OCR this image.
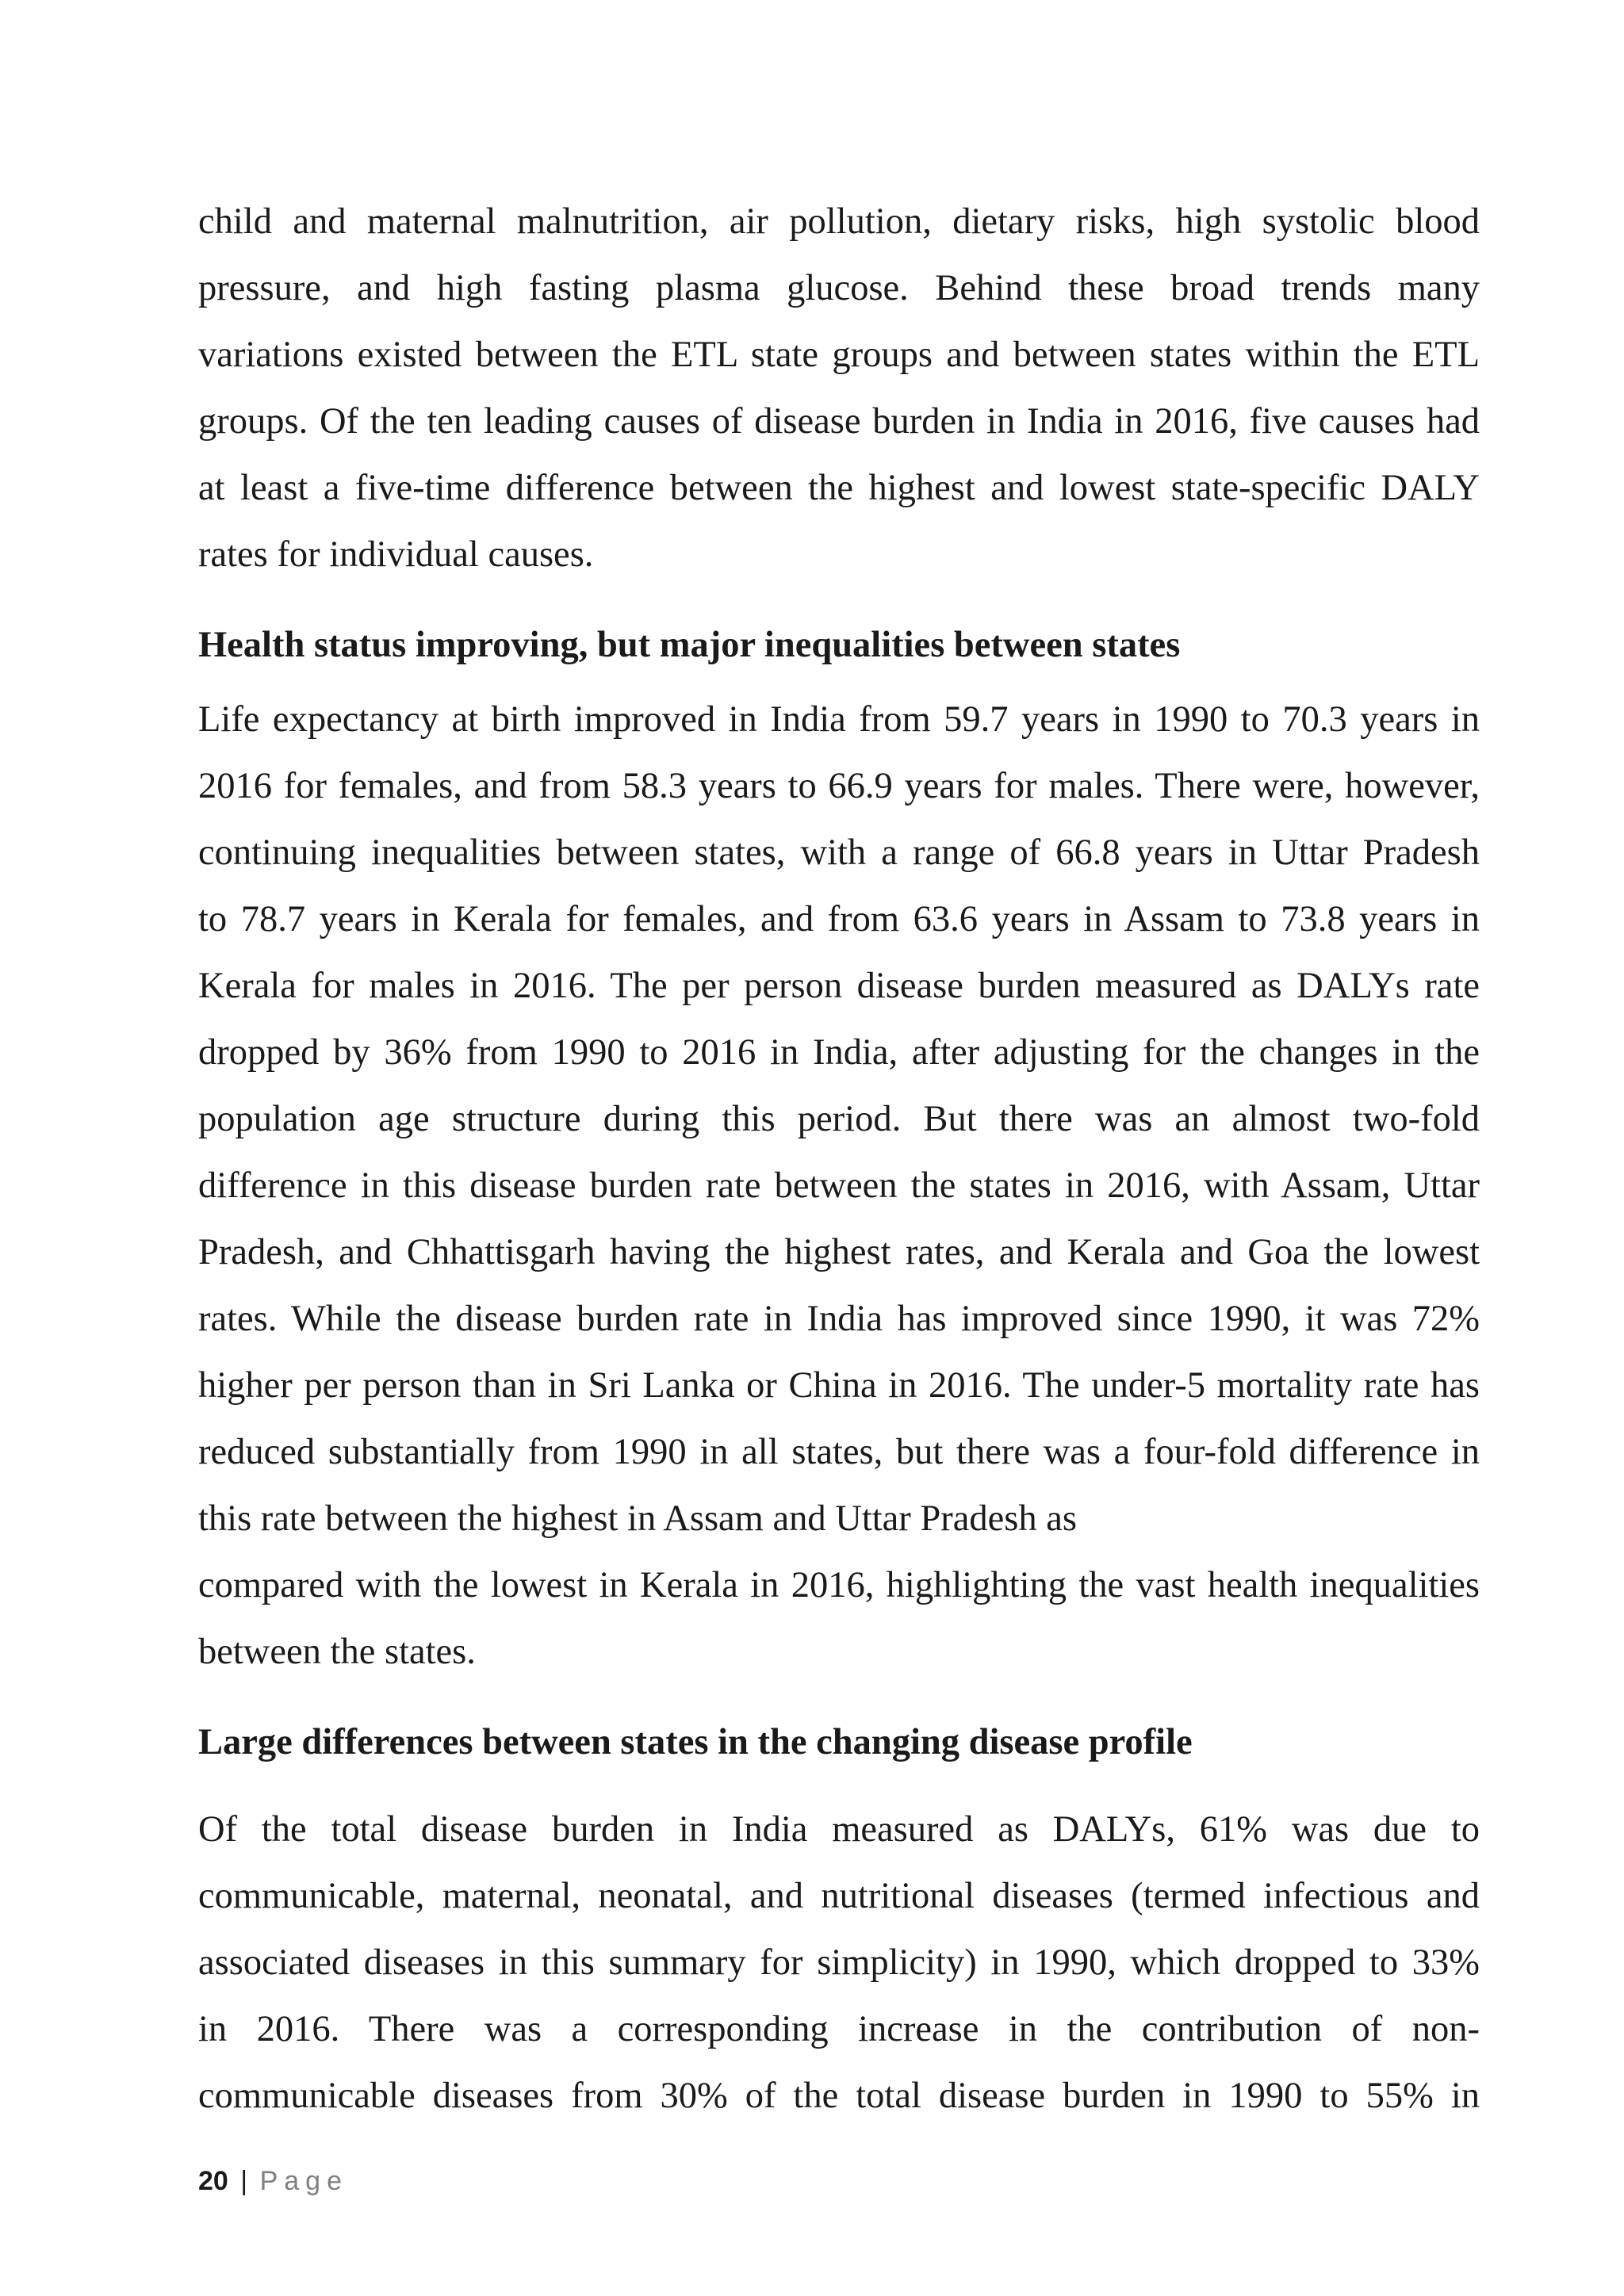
child and maternal malnutrition, air pollution, dietary risks, high systolic blood
pressure, and high fasting plasma glucose. Behind these broad trends many
variations existed between the ETL state groups and between states within the ETL
groups. Of the ten leading causes of disease burden in India in 2016, five causes had
at least a five-time difference between the highest and lowest state-specific DALY
rates for individual causes.

Health status improving, but major inequalities between states

Life expectancy at birth improved in India from 59.7 years in 1990 to 70.3 years in
2016 for females, and from 58.3 years to 66.9 years for males. There were, however,
continuing inequalities between states, with a range of 66.8 years in Uttar Pradesh
to 78.7 years in Kerala for females, and from 63.6 years in Assam to 73.8 years in
Kerala for males in 2016. The per person disease burden measured as DALYs rate
dropped by 36% from 1990 to 2016 in India, after adjusting for the changes in the
population age structure during this period. But there was an almost two-fold
difference in this disease burden rate between the states in 2016, with Assam, Uttar
Pradesh, and Chhattisgarh having the highest rates, and Kerala and Goa the lowest
rates. While the disease burden rate in India has improved since 1990, it was 72%
higher per person than in Sri Lanka or China in 2016. The under-5 mortality rate has
reduced substantially from 1990 in all states, but there was a four-fold difference in
this rate between the highest in Assam and Uttar Pradesh as
compared with the lowest in Kerala in 2016, highlighting the vast health inequalities
between the states.

Large differences between states in the changing disease profile

Of the total disease burden in India measured as DALYs, 61% was due to
communicable, maternal, neonatal, and nutritional diseases (termed infectious and
associated diseases in this summary for simplicity) in 1990, which dropped to 33%
in 2016. There was a corresponding increase in the contribution of non-
communicable diseases from 30% of the total disease burden in 1990 to 55% in

20 | Page
